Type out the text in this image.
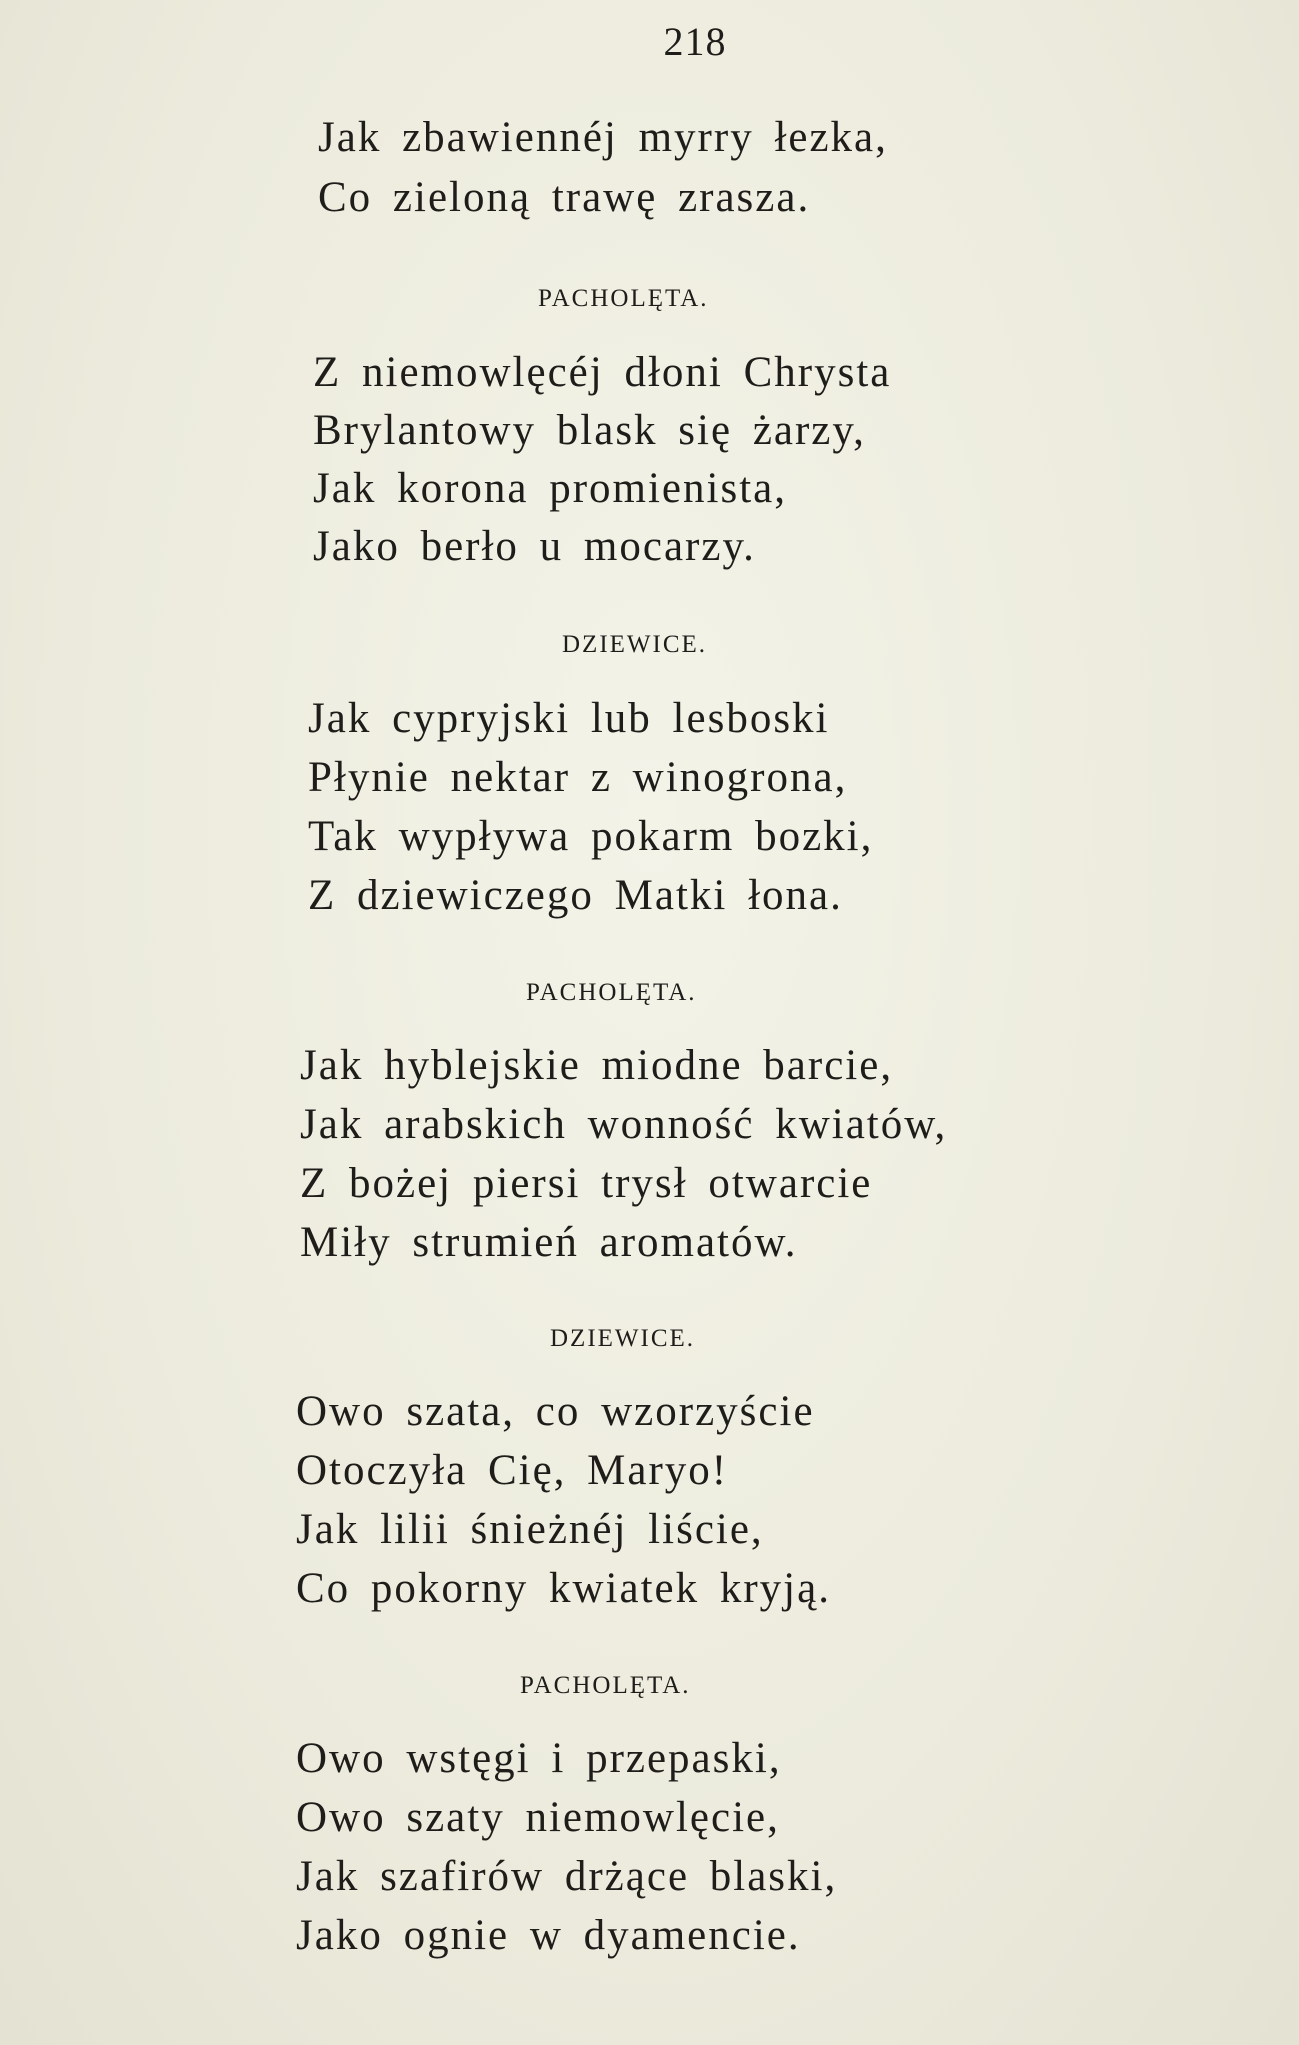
218
Jak zbawiennéj myrry łezka,
Co zieloną trawę zrasza.
PACHOLĘTA.
Z niemowlęcéj dłoni Chrysta
Brylantowy blask się żarzy,
Jak korona promienista,
Jako berło u mocarzy.
DZIEWICE.
Jak cypryjski lub lesboski
Płynie nektar z winogrona,
Tak wypływa pokarm bozki,
Z dziewiczego Matki łona.
PACHOLĘTA.
Jak hyblejskie miodne barcie,
Jak arabskich wonność kwiatów,
Z bożej piersi trysł otwarcie
Miły strumień aromatów.
DZIEWICE.
Owo szata, co wzorzyście
Otoczyła Cię, Maryo!
Jak lilii śnieżnéj liście,
Co pokorny kwiatek kryją.
PACHOLĘTA.
Owo wstęgi i przepaski,
Owo szaty niemowlęcie,
Jak szafirów drżące blaski,
Jako ognie w dyamencie.
